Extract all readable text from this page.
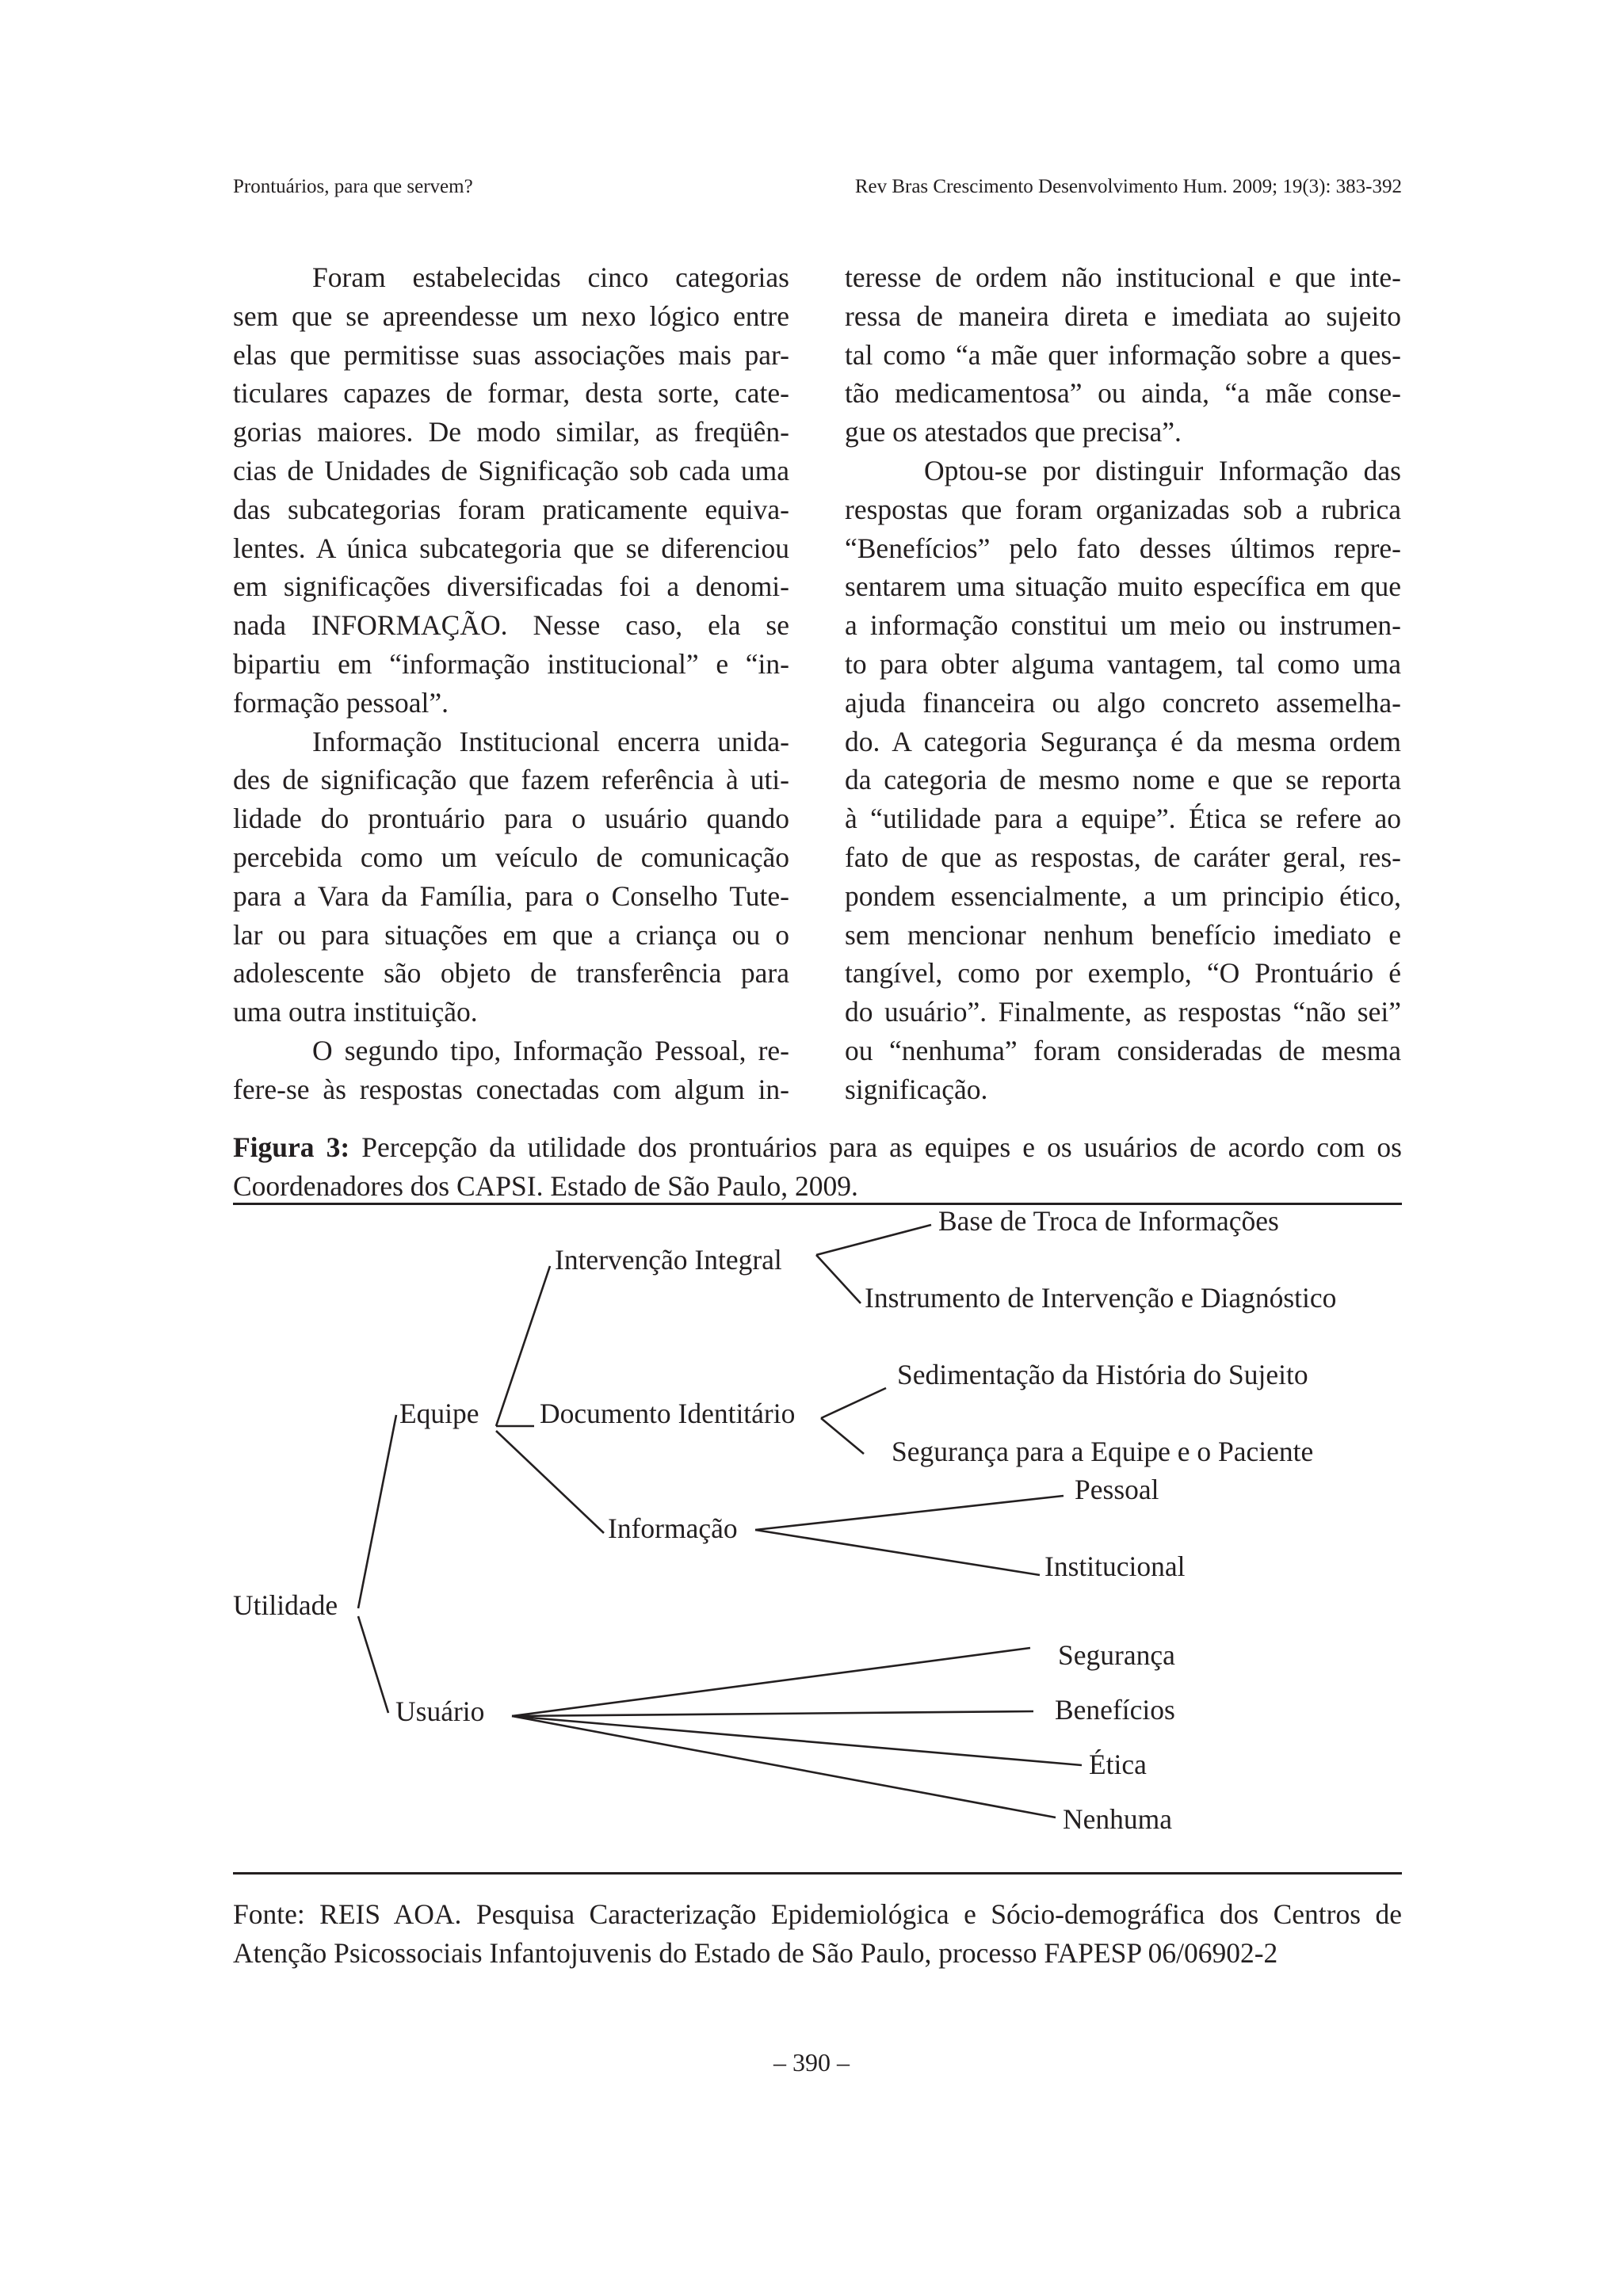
Prontuários, para que servem?	Rev Bras Crescimento Desenvolvimento Hum. 2009; 19(3): 383-392
Foram estabelecidas cinco categorias
sem que se apreendesse um nexo lógico entre
elas que permitisse suas associações mais par-
ticulares capazes de formar, desta sorte, cate-
gorias maiores. De modo similar, as freqüên-
cias de Unidades de Significação sob cada uma
das subcategorias foram praticamente equiva-
lentes. A única subcategoria que se diferenciou
em significações diversificadas foi a denomi-
nada INFORMAÇÃO. Nesse caso, ela se
bipartiu em “informação institucional” e “in-
formação pessoal”.
Informação Institucional encerra unida-
des de significação que fazem referência à uti-
lidade do prontuário para o usuário quando
percebida como um veículo de comunicação
para a Vara da Família, para o Conselho Tute-
lar ou para situações em que a criança ou o
adolescente são objeto de transferência para
uma outra instituição.
O segundo tipo, Informação Pessoal, re-
fere-se às respostas conectadas com algum in-
teresse de ordem não institucional e que inte-
ressa de maneira direta e imediata ao sujeito
tal como “a mãe quer informação sobre a ques-
tão medicamentosa” ou ainda, “a mãe conse-
gue os atestados que precisa”.
Optou-se por distinguir Informação das
respostas que foram organizadas sob a rubrica
“Benefícios” pelo fato desses últimos repre-
sentarem uma situação muito específica em que
a informação constitui um meio ou instrumen-
to para obter alguma vantagem, tal como uma
ajuda financeira ou algo concreto assemelha-
do. A categoria Segurança é da mesma ordem
da categoria de mesmo nome e que se reporta
à “utilidade para a equipe”. Ética se refere ao
fato de que as respostas, de caráter geral, res-
pondem essencialmente, a um principio ético,
sem mencionar nenhum benefício imediato e
tangível, como por exemplo, “O Prontuário é
do usuário”. Finalmente, as respostas “não sei”
ou “nenhuma” foram consideradas de mesma
significação.
Figura 3: Percepção da utilidade dos prontuários para as equipes e os usuários de acordo com os
Coordenadores dos CAPSI. Estado de São Paulo, 2009.
Utilidade
Equipe
Usuário
Intervenção Integral
Documento Identitário
Informação
Base de Troca de Informações
Instrumento de Intervenção e Diagnóstico
Sedimentação da História do Sujeito
Segurança para a Equipe e o Paciente
Pessoal
Institucional
Segurança
Benefícios
Ética
Nenhuma
Fonte: REIS AOA. Pesquisa Caracterização Epidemiológica e Sócio-demográfica dos Centros de
Atenção Psicossociais Infantojuvenis do Estado de São Paulo, processo FAPESP 06/06902-2
– 390 –
